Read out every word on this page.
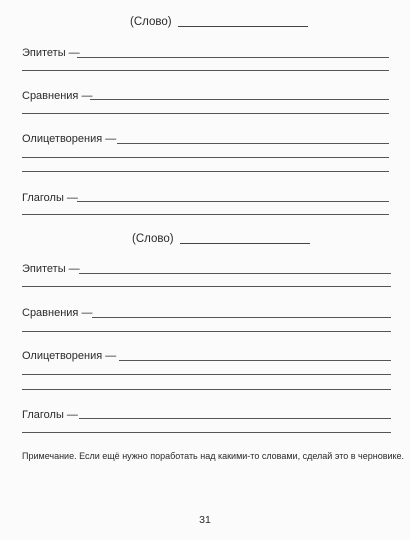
(Слово)
Эпитеты —
Сравнения —
Олицетворения —
Глаголы —
(Слово)
Эпитеты —
Сравнения —
Олицетворения —
Глаголы —
Примечание. Если ещё нужно поработать над какими-то словами, сделай это в черновике.
31
